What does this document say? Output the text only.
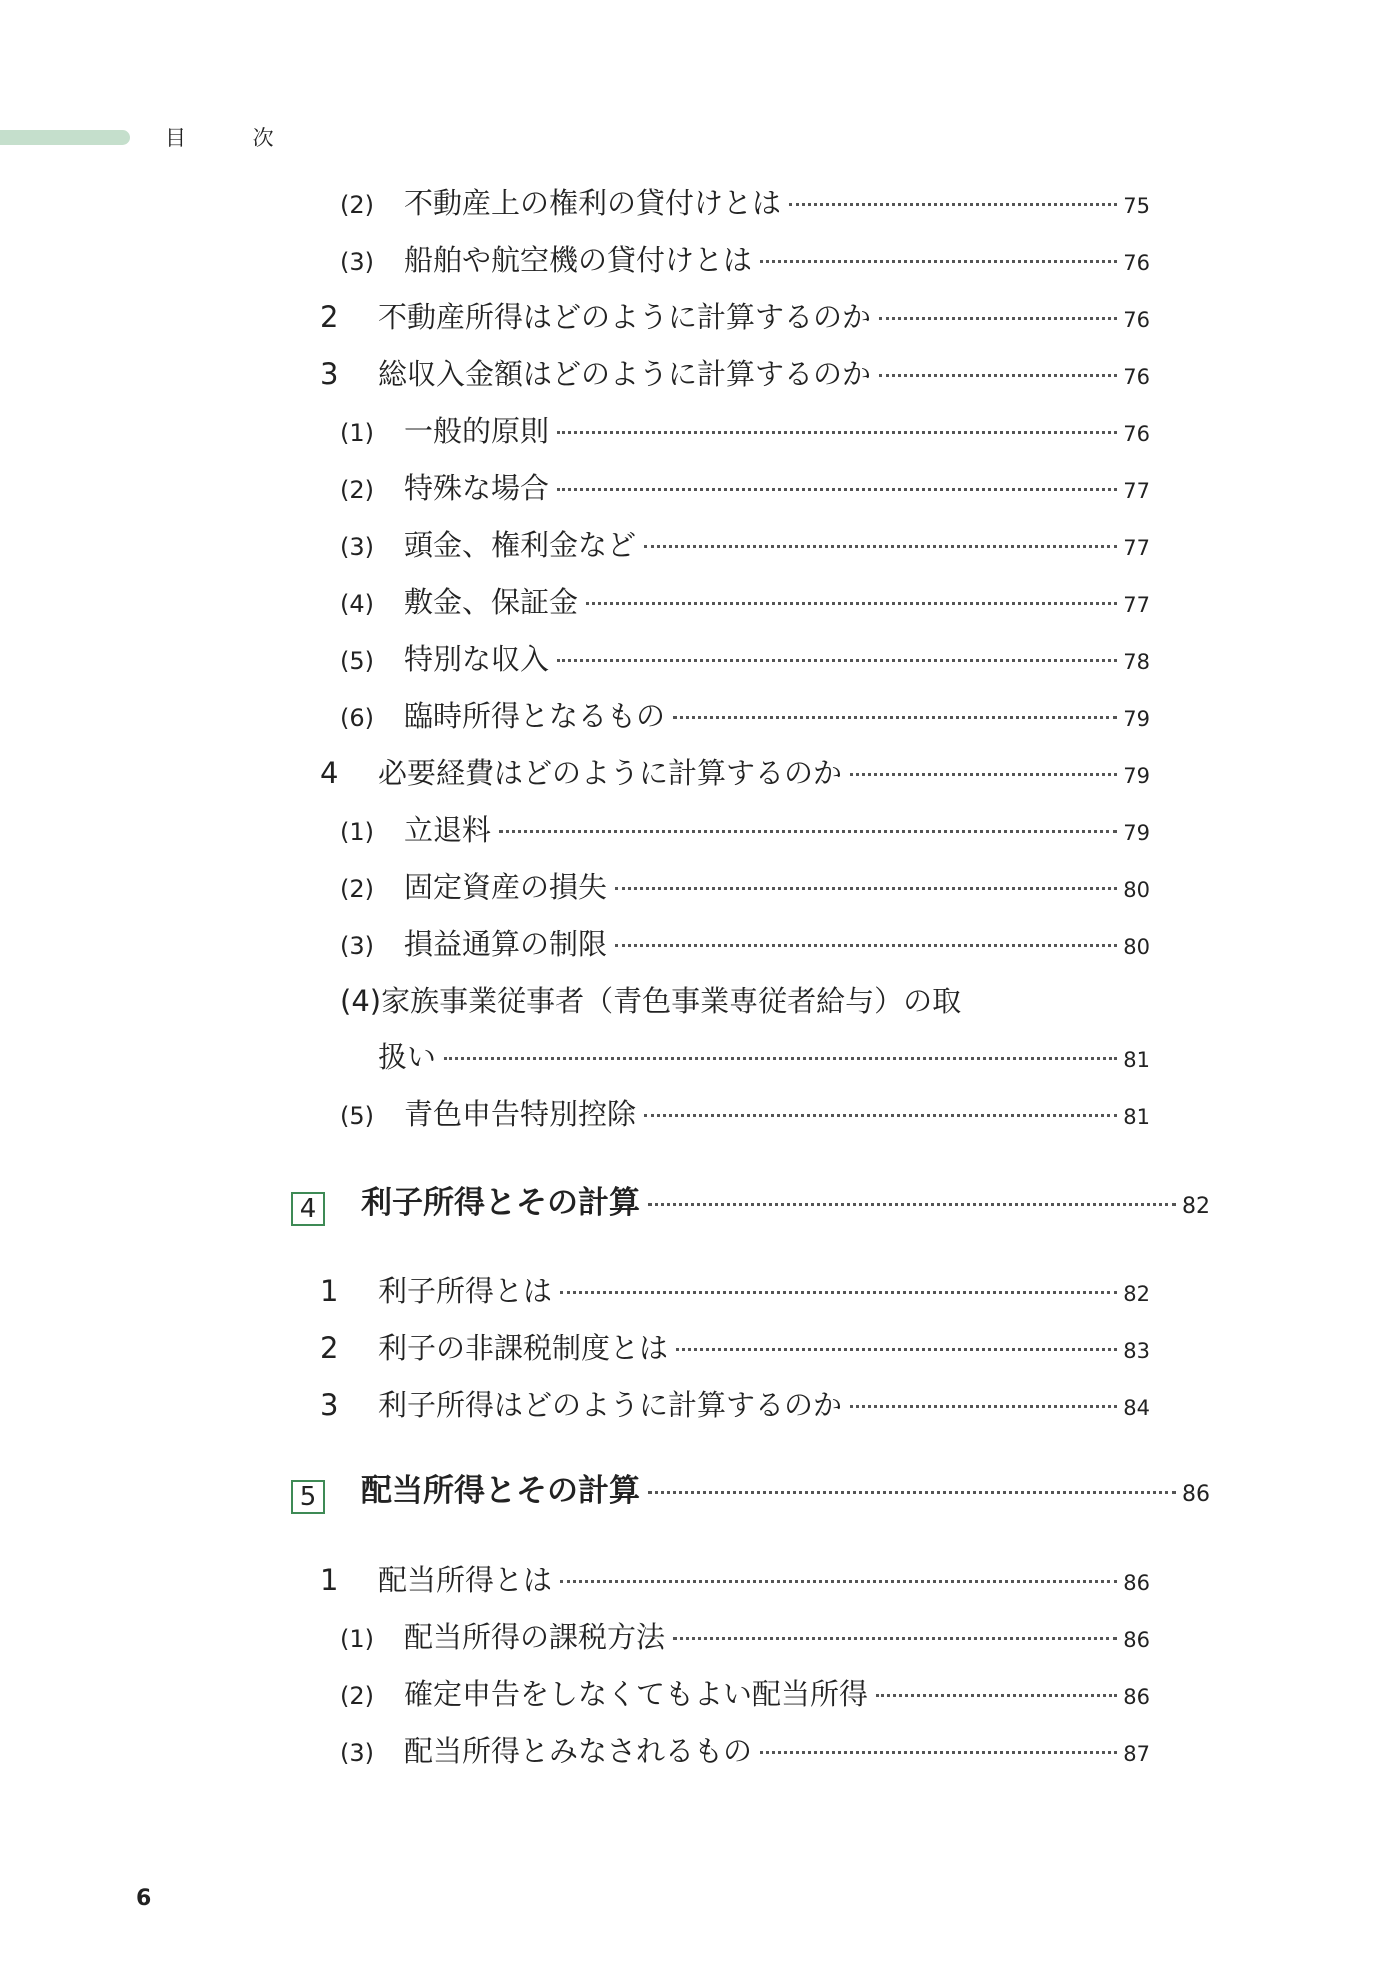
目 次
(2)	不動産上の権利の貸付けとは	75
(3)	船舶や航空機の貸付けとは	76
2	不動産所得はどのように計算するのか	76
3	総収入金額はどのように計算するのか	76
(1)	一般的原則	76
(2)	特殊な場合	77
(3)	頭金、権利金など	77
(4)	敷金、保証金	77
(5)	特別な収入	78
(6)	臨時所得となるもの	79
4	必要経費はどのように計算するのか	79
(1)	立退料	79
(2)	固定資産の損失	80
(3)	損益通算の制限	80
(4) 家族事業従事者（青色事業専従者給与）の取
扱い	81
(5)	青色申告特別控除	81
4 利子所得とその計算	82
1	利子所得とは	82
2	利子の非課税制度とは	83
3	利子所得はどのように計算するのか	84
5 配当所得とその計算	86
1	配当所得とは	86
(1)	配当所得の課税方法	86
(2)	確定申告をしなくてもよい配当所得	86
(3)	配当所得とみなされるもの	87
6
